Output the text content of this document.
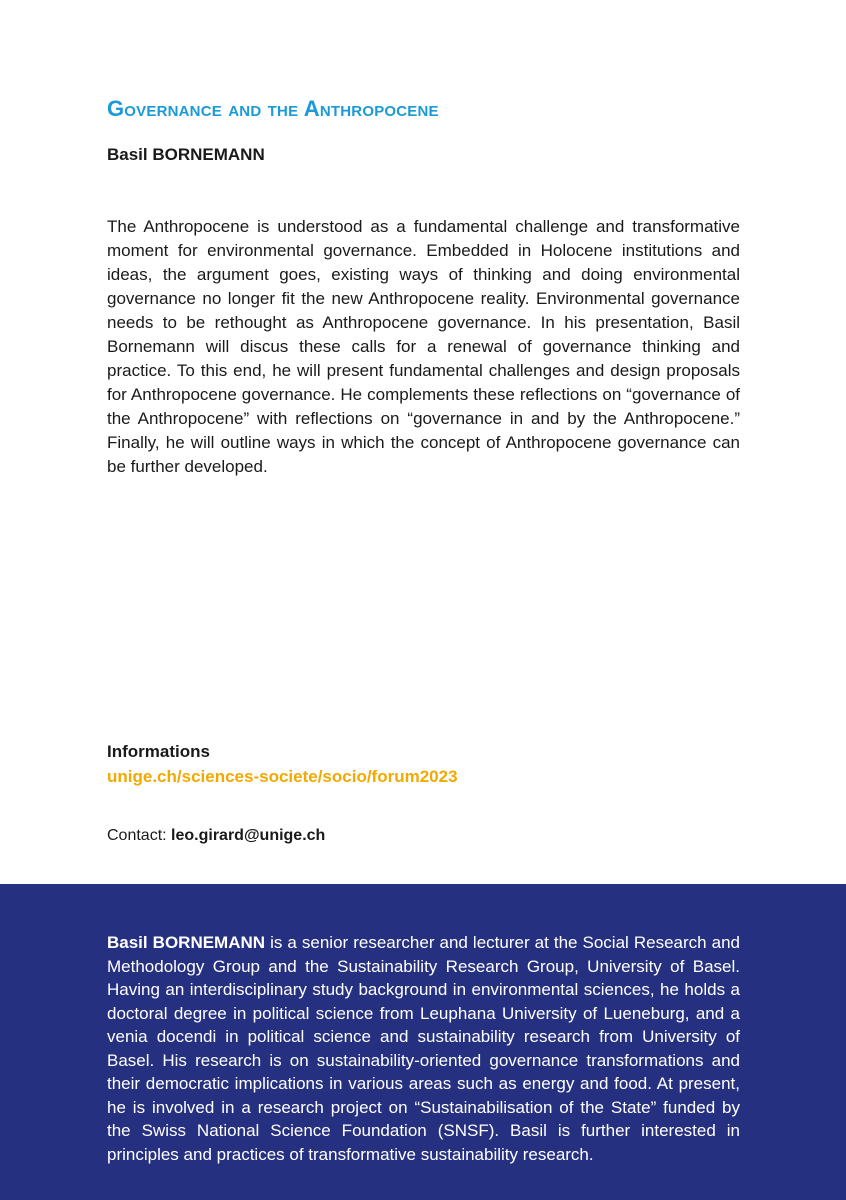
Governance and the Anthropocene

Basil BORNEMANN

The Anthropocene is understood as a fundamental challenge and transformative moment for environmental governance. Embedded in Holocene institutions and ideas, the argument goes, existing ways of thinking and doing environmental governance no longer fit the new Anthropocene reality. Environmental governance needs to be rethought as Anthropocene governance. In his presentation, Basil Bornemann will discus these calls for a renewal of governance thinking and practice. To this end, he will present fundamental challenges and design proposals for Anthropocene governance. He complements these reflections on “governance of the Anthropocene” with reflections on “governance in and by the Anthropocene.” Finally, he will outline ways in which the concept of Anthropocene governance can be further developed.

Informations

unige.ch/sciences-societe/socio/forum2023

Contact: leo.girard@unige.ch

Basil BORNEMANN is a senior researcher and lecturer at the Social Research and Methodology Group and the Sustainability Research Group, University of Basel. Having an interdisciplinary study background in environmental sciences, he holds a doctoral degree in political science from Leuphana University of Lueneburg, and a venia docendi in political science and sustainability research from University of Basel. His research is on sustainability-oriented governance transformations and their democratic implications in various areas such as energy and food. At present, he is involved in a research project on “Sustainabilisation of the State” funded by the Swiss National Science Foundation (SNSF). Basil is further interested in principles and practices of transformative sustainability research.
